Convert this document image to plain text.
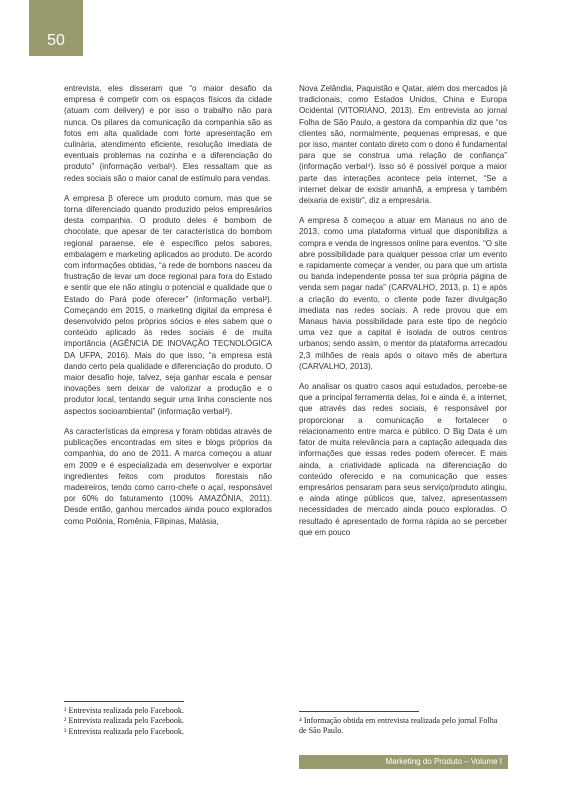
50

entrevista, eles disseram que “o maior desafio da empresa é competir com os espaços físicos da cidade (atuam com delivery) e por isso o trabalho não para nunca. Os pilares da comunicação da companhia são as fotos em alta qualidade com forte apresentação em culinária, atendimento eficiente, resolução imediata de eventuais problemas na cozinha e a diferenciação do produto” (informação verbal¹). Eles ressaltam que as redes sociais são o maior canal de estímulo para vendas.

A empresa β oferece um produto comum, mas que se torna diferenciado quando produzido pelos empresários desta companhia. O produto deles é bombom de chocolate, que apesar de ter característica do bombom regional paraense, ele é específico pelos sabores, embalagem e marketing aplicados ao produto. De acordo com informações obtidas, “a rede de bombons nasceu da frustração de levar um doce regional para fora do Estado e sentir que ele não atingiu o potencial e qualidade que o Estado do Pará pode oferecer” (informação verbal²). Começando em 2015, o marketing digital da empresa é desenvolvido pelos próprios sócios e eles sabem que o conteúdo aplicado às redes sociais é de muita importância (AGÊNCIA DE INOVAÇÃO TECNOLÓGICA DA UFPA, 2016). Mais do que isso, “a empresa está dando certo pela qualidade e diferenciação do produto. O maior desafio hoje, talvez, seja ganhar escala e pensar inovações sem deixar de valorizar a produção e o produtor local, tentando seguir uma linha consciente nos aspectos socioambiental” (informação verbal³).

As características da empresa γ foram obtidas através de publicações encontradas em sites e blogs próprios da companhia, do ano de 2011. A marca começou a atuar em 2009 e é especializada em desenvolver e exportar ingredientes feitos com produtos florestais não madeireiros, tendo como carro-chefe o açaí, responsável por 60% do faturamento (100% AMAZÔNIA, 2011). Desde então, ganhou mercados ainda pouco explorados como Polônia, Romênia, Filipinas, Malásia,

Nova Zelândia, Paquistão e Qatar, além dos mercados já tradicionais, como Estados Unidos, China e Europa Ocidental (VITORIANO, 2013). Em entrevista ao jornal Folha de São Paulo, a gestora da companhia diz que “os clientes são, normalmente, pequenas empresas, e que por isso, manter contato direto com o dono é fundamental para que se construa uma relação de confiança” (informação verbal⁴). Isso só é possível porque a maior parte das interações acontece pela internet, “Se a internet deixar de existir amanhã, a empresa γ também deixaria de existir”, diz a empresária.

A empresa δ começou a atuar em Manaus no ano de 2013, como uma plataforma virtual que disponibiliza a compra e venda de ingressos online para eventos. “O site abre possibilidade para qualquer pessoa criar um evento e rapidamente começar a vender, ou para que um artista ou banda independente possa ter sua própria página de venda sem pagar nada” (CARVALHO, 2013, p. 1) e após a criação do evento, o cliente pode fazer divulgação imediata nas redes sociais. A rede provou que em Manaus havia possibilidade para este tipo de negócio uma vez que a capital é isolada de outros centros urbanos; sendo assim, o mentor da plataforma arrecadou 2,3 milhões de reais após o oitavo mês de abertura (CARVALHO, 2013).

Ao analisar os quatro casos aqui estudados, percebe-se que a principal ferramenta delas, foi e ainda é, a internet, que através das redes sociais, é responsável por proporcionar a comunicação e fortalecer o relacionamento entre marca e público. O Big Data é um fator de muita relevância para a captação adequada das informações que essas redes podem oferecer. E mais ainda, a criatividade aplicada na diferenciação do conteúdo oferecido e na comunicação que esses empresários pensaram para seus serviço/produto atingiu, e ainda atinge públicos que, talvez, apresentassem necessidades de mercado ainda pouco exploradas. O resultado é apresentado de forma rápida ao se perceber que em pouco

¹ Entrevista realizada pelo Facebook.
² Entrevista realizada pelo Facebook.
³ Entrevista realizada pelo Facebook.
⁴ Informação obtida em entrevista realizada pelo jornal Folha de São Paulo.
Marketing do Produto – Volume I
